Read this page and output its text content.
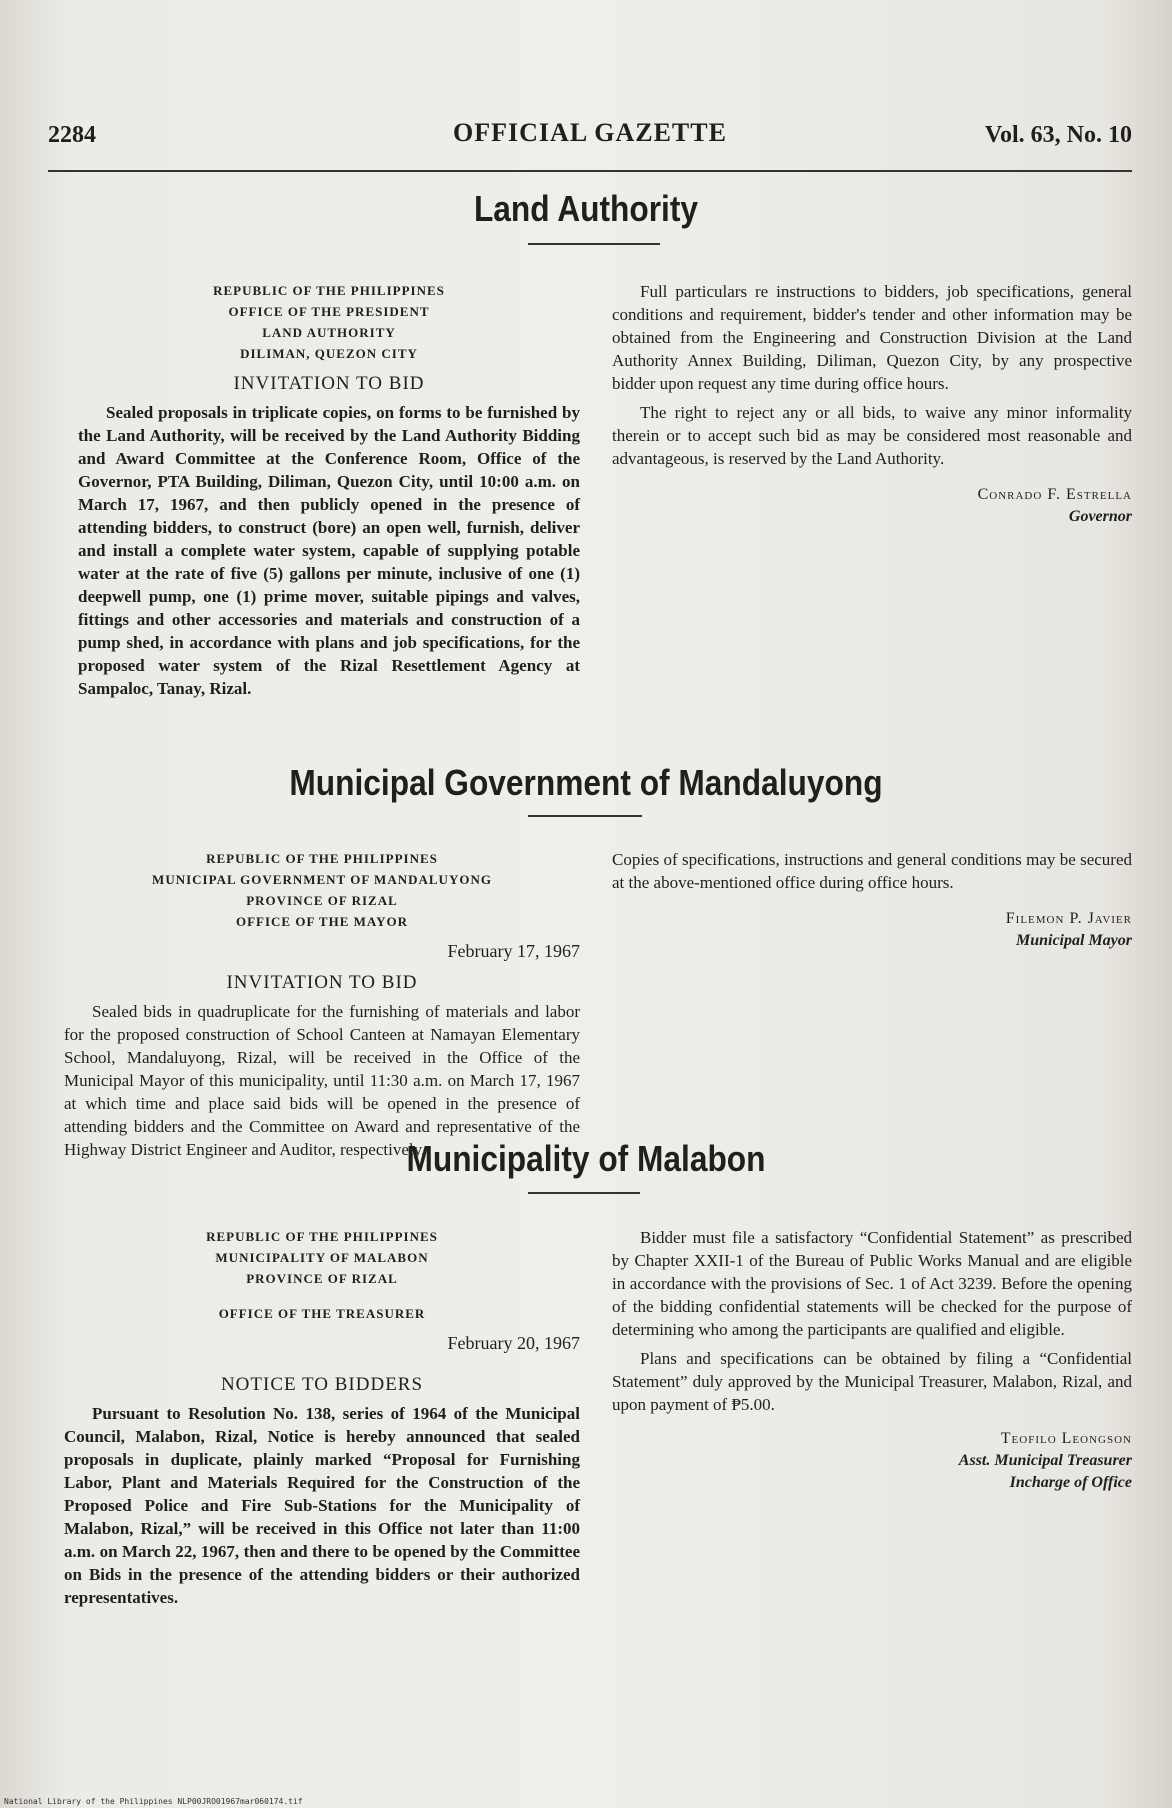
2284	OFFICIAL GAZETTE	Vol. 63, No. 10
Land Authority
REPUBLIC OF THE PHILIPPINES
OFFICE OF THE PRESIDENT
LAND AUTHORITY
DILIMAN, QUEZON CITY
INVITATION TO BID

Sealed proposals in triplicate copies, on forms to be furnished by the Land Authority, will be received by the Land Authority Bidding and Award Committee at the Conference Room, Office of the Governor, PTA Building, Diliman, Quezon City, until 10:00 a.m. on March 17, 1967, and then publicly opened in the presence of attending bidders, to construct (bore) an open well, furnish, deliver and install a complete water system, capable of supplying potable water at the rate of five (5) gallons per minute, inclusive of one (1) deepwell pump, one (1) prime mover, suitable pipings and valves, fittings and other accessories and materials and construction of a pump shed, in accordance with plans and job specifications, for the proposed water system of the Rizal Resettlement Agency at Sampaloc, Tanay, Rizal.

Full particulars re instructions to bidders, job specifications, general conditions and requirement, bidder's tender and other information may be obtained from the Engineering and Construction Division at the Land Authority Annex Building, Diliman, Quezon City, by any prospective bidder upon request any time during office hours.

The right to reject any or all bids, to waive any minor informality therein or to accept such bid as may be considered most reasonable and advantageous, is reserved by the Land Authority.

Conrado F. Estrella
Governor
Municipal Government of Mandaluyong
REPUBLIC OF THE PHILIPPINES
MUNICIPAL GOVERNMENT OF MANDALUYONG
PROVINCE OF RIZAL
OFFICE OF THE MAYOR
February 17, 1967
INVITATION TO BID

Sealed bids in quadruplicate for the furnishing of materials and labor for the proposed construction of School Canteen at Namayan Elementary School, Mandaluyong, Rizal, will be received in the Office of the Municipal Mayor of this municipality, until 11:30 a.m. on March 17, 1967 at which time and place said bids will be opened in the presence of attending bidders and the Committee on Award and representative of the Highway District Engineer and Auditor, respectively.

Copies of specifications, instructions and general conditions may be secured at the above-mentioned office during office hours.

Filemon P. Javier
Municipal Mayor
Municipality of Malabon
REPUBLIC OF THE PHILIPPINES
MUNICIPALITY OF MALABON
PROVINCE OF RIZAL
OFFICE OF THE TREASURER
February 20, 1967
NOTICE TO BIDDERS

Pursuant to Resolution No. 138, series of 1964 of the Municipal Council, Malabon, Rizal, Notice is hereby announced that sealed proposals in duplicate, plainly marked “Proposal for Furnishing Labor, Plant and Materials Required for the Construction of the Proposed Police and Fire Sub-Stations for the Municipality of Malabon, Rizal,” will be received in this Office not later than 11:00 a.m. on March 22, 1967, then and there to be opened by the Committee on Bids in the presence of the attending bidders or their authorized representatives.

Bidder must file a satisfactory “Confidential Statement” as prescribed by Chapter XXII-1 of the Bureau of Public Works Manual and are eligible in accordance with the provisions of Sec. 1 of Act 3239. Before the opening of the bidding confidential statements will be checked for the purpose of determining who among the participants are qualified and eligible.

Plans and specifications can be obtained by filing a “Confidential Statement” duly approved by the Municipal Treasurer, Malabon, Rizal, and upon payment of ₱5.00.

Teofilo Leongson
Asst. Municipal Treasurer
Incharge of Office
National Library of the Philippines NLP00JRO01967mar060174.tif
